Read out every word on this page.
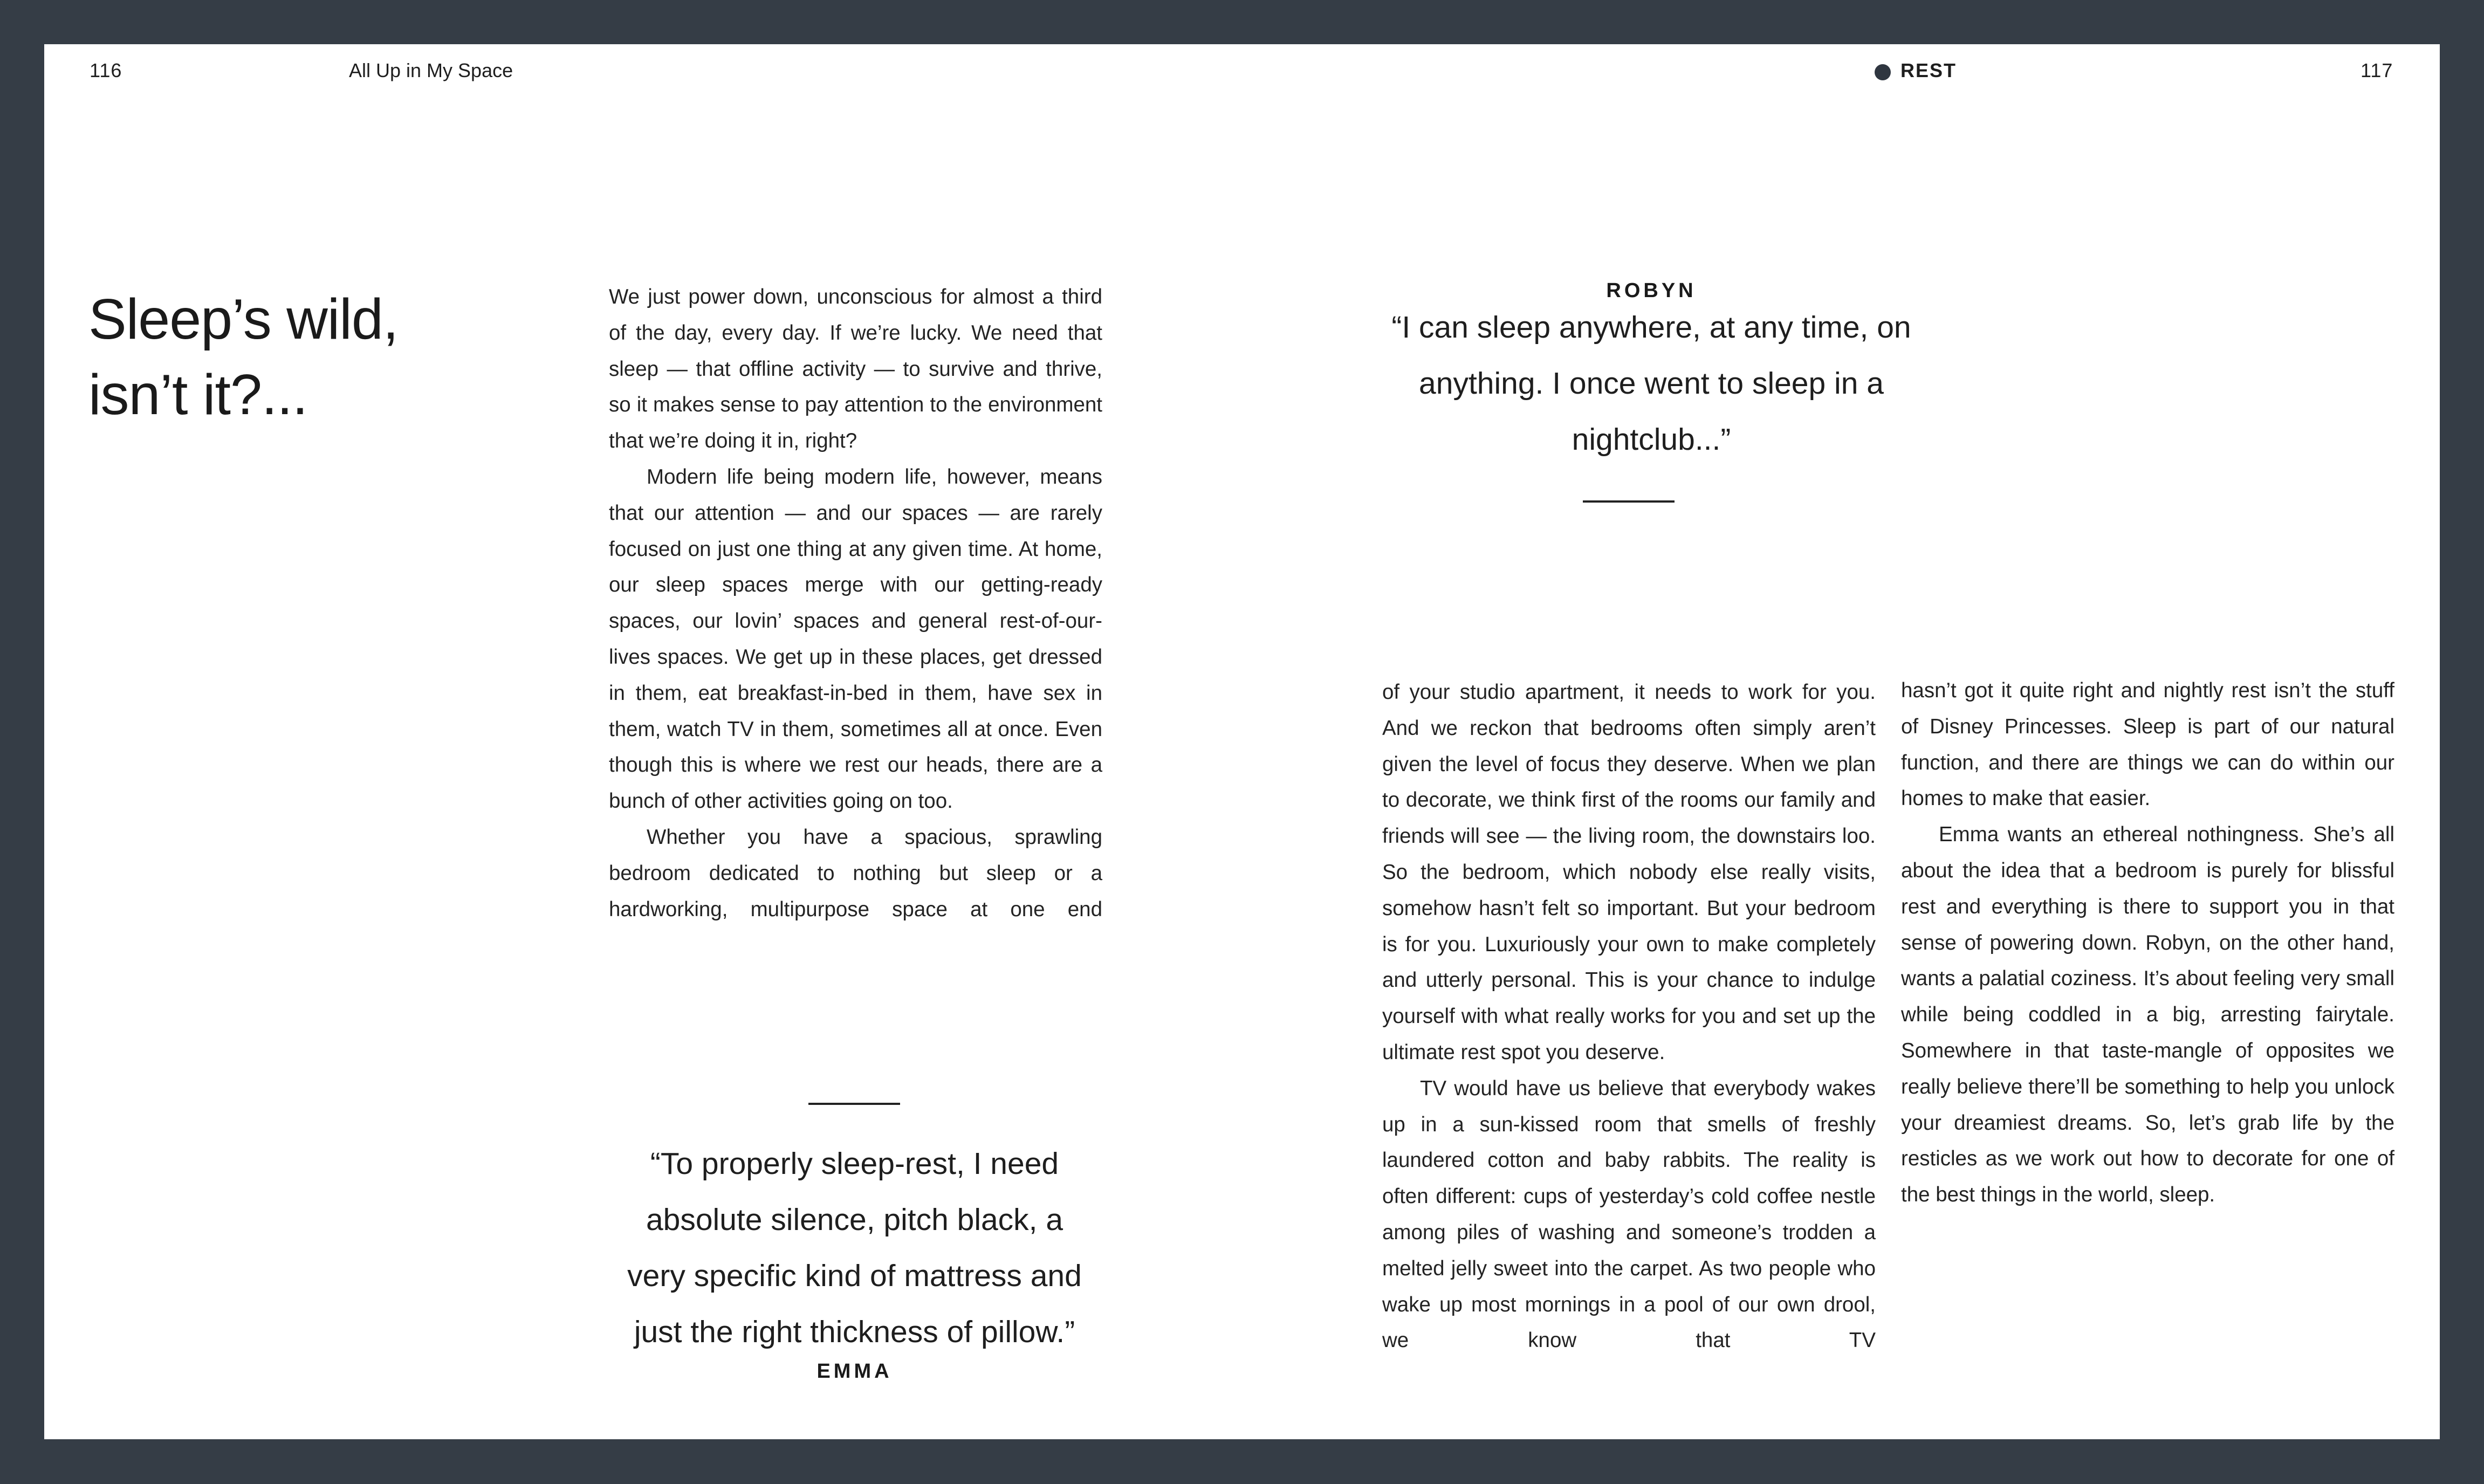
116	All Up in My Space	REST	117
Sleep’s wild,
isn’t it?...

We just power down, unconscious for almost a third of the day, every day. If we’re lucky. We need that sleep — that offline activity — to survive and thrive, so it makes sense to pay attention to the environment that we’re doing it in, right?

Modern life being modern life, however, means that our attention — and our spaces — are rarely focused on just one thing at any given time. At home, our sleep spaces merge with our getting-ready spaces, our lovin’ spaces and general rest-of-our-lives spaces. We get up in these places, get dressed in them, eat breakfast-in-bed in them, have sex in them, watch TV in them, sometimes all at once. Even though this is where we rest our heads, there are a bunch of other activities going on too.

Whether you have a spacious, sprawling bedroom dedicated to nothing but sleep or a hardworking, multipurpose space at one end

“To properly sleep-rest, I need absolute silence, pitch black, a very specific kind of mattress and just the right thickness of pillow.”

EMMA
ROBYN

“I can sleep anywhere, at any time, on anything. I once went to sleep in a nightclub...”

of your studio apartment, it needs to work for you. And we reckon that bedrooms often simply aren’t given the level of focus they deserve. When we plan to decorate, we think first of the rooms our family and friends will see — the living room, the downstairs loo. So the bedroom, which nobody else really visits, somehow hasn’t felt so important. But your bedroom is for you. Luxuriously your own to make completely and utterly personal. This is your chance to indulge yourself with what really works for you and set up the ultimate rest spot you deserve.

TV would have us believe that everybody wakes up in a sun-kissed room that smells of freshly laundered cotton and baby rabbits. The reality is often different: cups of yesterday’s cold coffee nestle among piles of washing and someone’s trodden a melted jelly sweet into the carpet. As two people who wake up most mornings in a pool of our own drool, we know that TV

hasn’t got it quite right and nightly rest isn’t the stuff of Disney Princesses. Sleep is part of our natural function, and there are things we can do within our homes to make that easier.

Emma wants an ethereal nothingness. She’s all about the idea that a bedroom is purely for blissful rest and everything is there to support you in that sense of powering down. Robyn, on the other hand, wants a palatial coziness. It’s about feeling very small while being coddled in a big, arresting fairytale. Somewhere in that taste-mangle of opposites we really believe there’ll be something to help you unlock your dreamiest dreams. So, let’s grab life by the resticles as we work out how to decorate for one of the best things in the world, sleep.
